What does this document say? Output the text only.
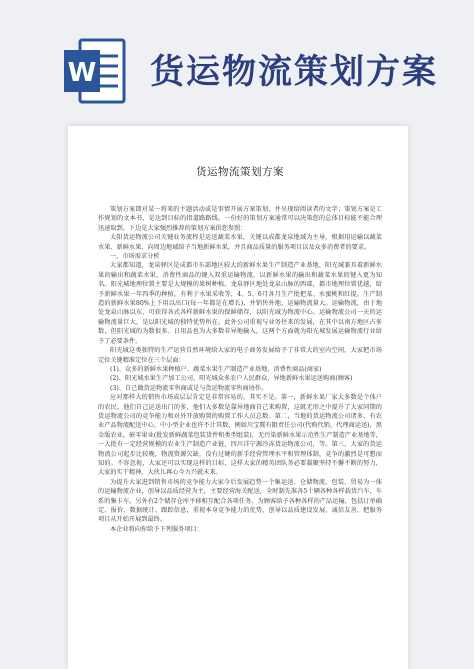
W 货运物流策划方案
货运物流策划方案

策划方案即对某一将来的主题活动或是事情开展方案策划，并呈现给阅读者的文字；策划方案是工作规划的文本书，是达到目标的指道路路线。一份好的策划方案通常可以决策您的总体目标能不能合理迅速取到。下边是大家强烈推荐的策划方案供您参照：

太阳货运物流公司关键业务流程是运送蔬菜水果，关键以成都龙泉地域为主导，根据用运输以蔬菜水果、新鲜水果，向周边地域给予当地新鲜水果，并且商品质量的服务项目以及众多消费者的要求。

一、市场需求分析

大家都知道，龙泉驿区是成都市东部地区较大的新鲜水果生产制造产业基地，阳光城兼具着新鲜水果的输出和蔬菜水果、消费性商品的键入双重运输物流，以新鲜水果的输出和蔬菜水果的键入更为知名。阳光城地理位置主要是大规模的果树种植。龙泉驿区地处龙泉山脉的西部，都市地理位置优越，给予新鲜水果一年四季的种植，有利于水果采收等，4、5、6月各月生产批把某、水蜜桃和红提。生产制造的新鲜水果80%上下用以出口(每一年都是在增长)，并销售外地，运输物流量大。运输物流，由于地处龙泉山脉以东，可获得各式各样新鲜水果的保鲜储存，以阳光城为物流中心。运输物流公司一天的运输物流量巨大，是以阳光城的独特优势所在。此外公司重视与业务往来的发展，在其中以南方地区占多数，但阳光城的为数很多。日用品也为大多数非异地输入，这两个方面就为阳光城发展运输物流行业给予了必要条件。

阳光城这类独特的生产运营自然环境给大家的电子商务发展给予了非常大的室内空间，大家把市场定位关键精准定位在三个层面：

(1)、众多的新鲜水果种植户、蔬菜水果生产制造产业基地、消费性商品(商家)

(2)、阳光城水果生产加工公司，阳光城众多农户人民群众、异地新鲜水果运送购商(顾客)

(3)、自己做货运物流零售商或是与货运物流零售商协作。

应对那样大的销售市场或层层肯定是非常容易的。其实不是。第一，新鲜水果厂家大多数是个体户的农民，他们自己运送出门的多，他们大多数是靠异地商自己来购置，这就无形之中提升了大家同期的货运物流公司的竞争能力和对外开放购置的购置工作人员总数。第二，当地的货运物流公司诸多，有农业产品物流配送中心，中小型企业也许不计其数，例如川宝冀有限责任公司(代购代销，代理商运送)，黑金版农业，嵌零果业(批发新鲜蔬菜包装货件和类型组装)，无污染新鲜水果示范性生产制造产业基地等，一大批有一定经营规模的农业生产制造产业链，四川洋宁源冷冻货运物流公司，等。第三，大家的货运物流公司起步比较晚，物流资源欠缺，没有过硬的新手经营管理水平和管理体制，竞争的激烈是可想而知的。不容忽视，大家还可以实现这样的目标，这样大家的精英团队务必要凝聚坚持不懈不断的努力，大家的实干精神，大伙儿再心今力兴就未来。

为提升大家进到销售市场的竞争能力大家今后发展趋势一个集运送、仓储物流、包装、贸易为一体的运输物流企业，创导以品质经营为主，主要经营海关配送，全时制先准各5十辆各种各样载货汽车，车系的集卡车，另外有2个储存仓库平移相互配合各项任务。为顾客给予各种各样的产品运输，包括订单确定、报价、数据统计、跟踪信息，重视本身竞争能力的优势，创导以品质建设发展，诚信友善，把服务项目从开始开展到最终。

本企业将向你给予下列服务项目：
